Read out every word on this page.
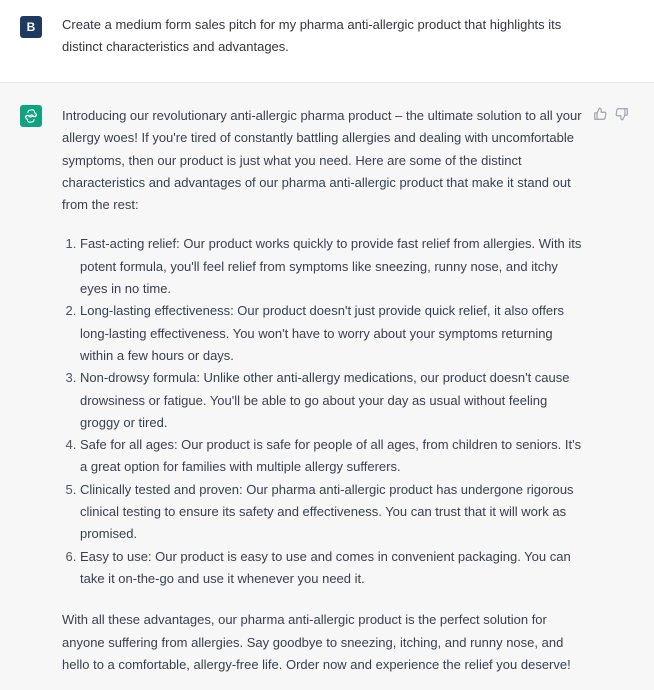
B	Create a medium form sales pitch for my pharma anti-allergic product that highlights its distinct characteristics and advantages.

Introducing our revolutionary anti-allergic pharma product – the ultimate solution to all your allergy woes! If you're tired of constantly battling allergies and dealing with uncomfortable symptoms, then our product is just what you need. Here are some of the distinct characteristics and advantages of our pharma anti-allergic product that make it stand out from the rest:

1. Fast-acting relief: Our product works quickly to provide fast relief from allergies. With its potent formula, you'll feel relief from symptoms like sneezing, runny nose, and itchy eyes in no time.
2. Long-lasting effectiveness: Our product doesn't just provide quick relief, it also offers long-lasting effectiveness. You won't have to worry about your symptoms returning within a few hours or days.
3. Non-drowsy formula: Unlike other anti-allergy medications, our product doesn't cause drowsiness or fatigue. You'll be able to go about your day as usual without feeling groggy or tired.
4. Safe for all ages: Our product is safe for people of all ages, from children to seniors. It's a great option for families with multiple allergy sufferers.
5. Clinically tested and proven: Our pharma anti-allergic product has undergone rigorous clinical testing to ensure its safety and effectiveness. You can trust that it will work as promised.
6. Easy to use: Our product is easy to use and comes in convenient packaging. You can take it on-the-go and use it whenever you need it.

With all these advantages, our pharma anti-allergic product is the perfect solution for anyone suffering from allergies. Say goodbye to sneezing, itching, and runny nose, and hello to a comfortable, allergy-free life. Order now and experience the relief you deserve!
